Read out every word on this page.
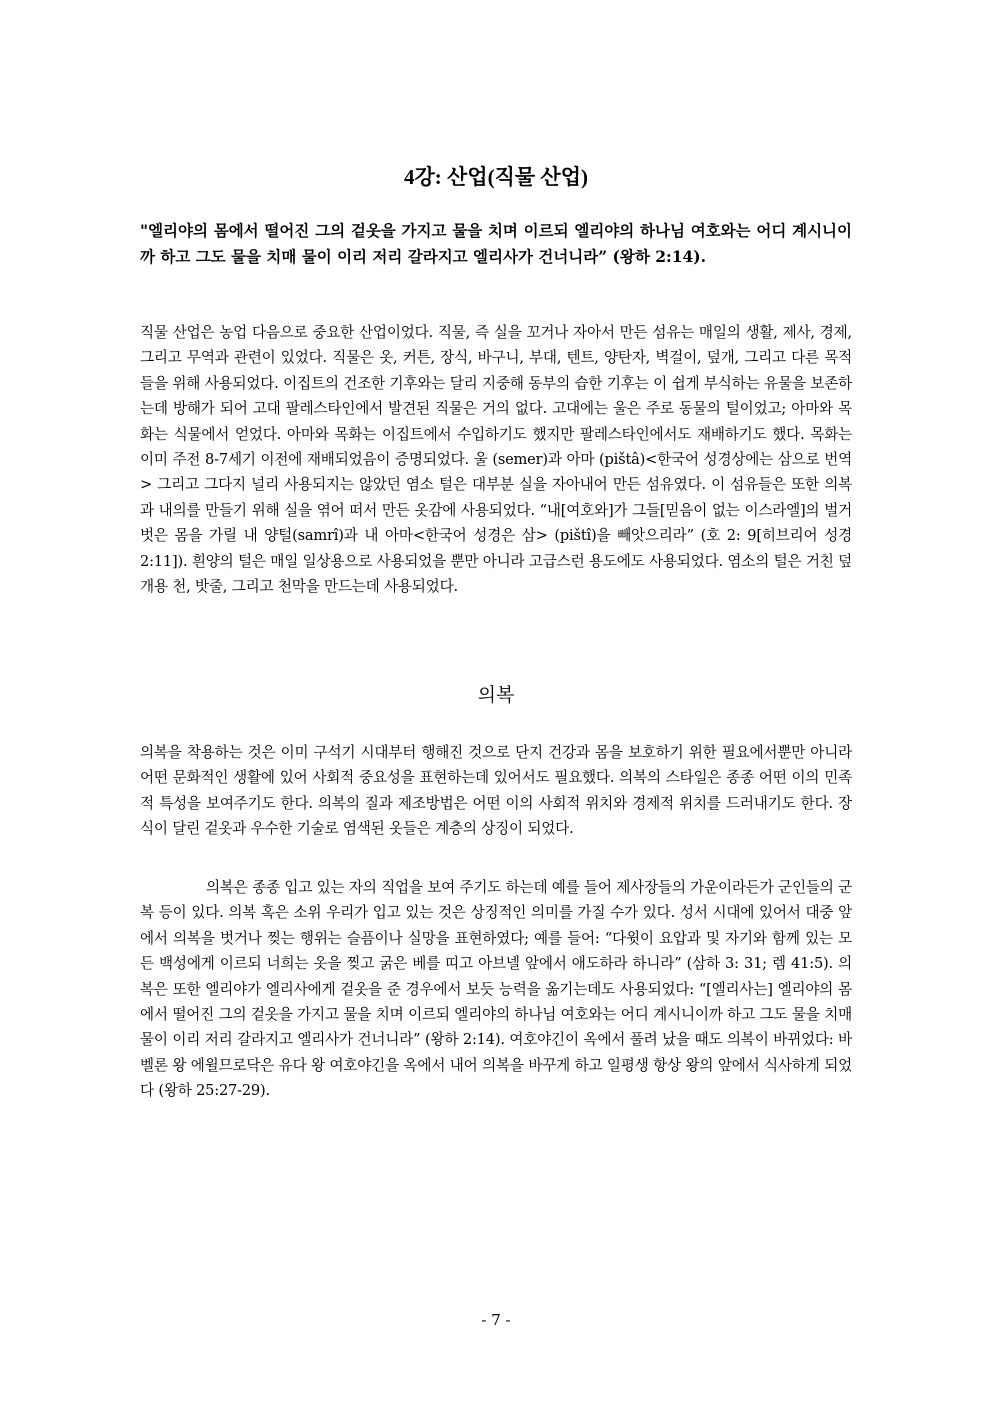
4강: 산업(직물 산업)

"엘리야의 몸에서 떨어진 그의 겉옷을 가지고 물을 치며 이르되 엘리야의 하나님 여호와는 어디 계시니이까 하고 그도 물을 치매 물이 이리 저리 갈라지고 엘리사가 건너니라” (왕하 2:14).

직물 산업은 농업 다음으로 중요한 산업이었다. 직물, 즉 실을 꼬거나 자아서 만든 섬유는 매일의 생활, 제사, 경제, 그리고 무역과 관련이 있었다. 직물은 옷, 커튼, 장식, 바구니, 부대, 텐트, 양탄자, 벽걸이, 덮개, 그리고 다른 목적들을 위해 사용되었다. 이집트의 건조한 기후와는 달리 지중해 동부의 습한 기후는 이 쉽게 부식하는 유물을 보존하는데 방해가 되어 고대 팔레스타인에서 발견된 직물은 거의 없다. 고대에는 울은 주로 동물의 털이었고; 아마와 목화는 식물에서 얻었다. 아마와 목화는 이집트에서 수입하기도 했지만 팔레스타인에서도 재배하기도 했다. 목화는 이미 주전 8-7세기 이전에 재배되었음이 증명되었다. 울 (semer)과 아마 (pištâ)<한국어 성경상에는 삼으로 번역> 그리고 그다지 널리 사용되지는 않았던 염소 털은 대부분 실을 자아내어 만든 섬유였다. 이 섬유들은 또한 의복과 내의를 만들기 위해 실을 엮어 떠서 만든 옷감에 사용되었다. “내[여호와]가 그들[믿음이 없는 이스라엘]의 벌거벗은 몸을 가릴 내 양털(samrî)과 내 아마<한국어 성경은 삼> (pištî)을 빼앗으리라” (호 2: 9[히브리어 성경 2:11]). 흰양의 털은 매일 일상용으로 사용되었을 뿐만 아니라 고급스런 용도에도 사용되었다. 염소의 털은 거친 덮개용 천, 밧줄, 그리고 천막을 만드는데 사용되었다.

의복

의복을 착용하는 것은 이미 구석기 시대부터 행해진 것으로 단지 건강과 몸을 보호하기 위한 필요에서뿐만 아니라 어떤 문화적인 생활에 있어 사회적 중요성을 표현하는데 있어서도 필요했다. 의복의 스타일은 종종 어떤 이의 민족적 특성을 보여주기도 한다. 의복의 질과 제조방법은 어떤 이의 사회적 위치와 경제적 위치를 드러내기도 한다. 장식이 달린 겉옷과 우수한 기술로 염색된 옷들은 계층의 상징이 되었다.

의복은 종종 입고 있는 자의 직업을 보여 주기도 하는데 예를 들어 제사장들의 가운이라든가 군인들의 군복 등이 있다. 의복 혹은 소위 우리가 입고 있는 것은 상징적인 의미를 가질 수가 있다. 성서 시대에 있어서 대중 앞에서 의복을 벗거나 찢는 행위는 슬픔이나 실망을 표현하였다; 예를 들어: “다윗이 요압과 및 자기와 함께 있는 모든 백성에게 이르되 너희는 옷을 찢고 굵은 베를 띠고 아브넬 앞에서 애도하라 하니라” (삼하 3: 31; 렘 41:5). 의복은 또한 엘리야가 엘리사에게 겉옷을 준 경우에서 보듯 능력을 옮기는데도 사용되었다: “[엘리사는] 엘리야의 몸에서 떨어진 그의 겉옷을 가지고 물을 치며 이르되 엘리야의 하나님 여호와는 어디 계시니이까 하고 그도 물을 치매 물이 이리 저리 갈라지고 엘리사가 건너니라” (왕하 2:14). 여호야긴이 옥에서 풀려 났을 때도 의복이 바뀌었다: 바벨론 왕 에윌므로닥은 유다 왕 여호야긴을 옥에서 내어 의복을 바꾸게 하고 일평생 항상 왕의 앞에서 식사하게 되었다 (왕하 25:27-29).

- 7 -
